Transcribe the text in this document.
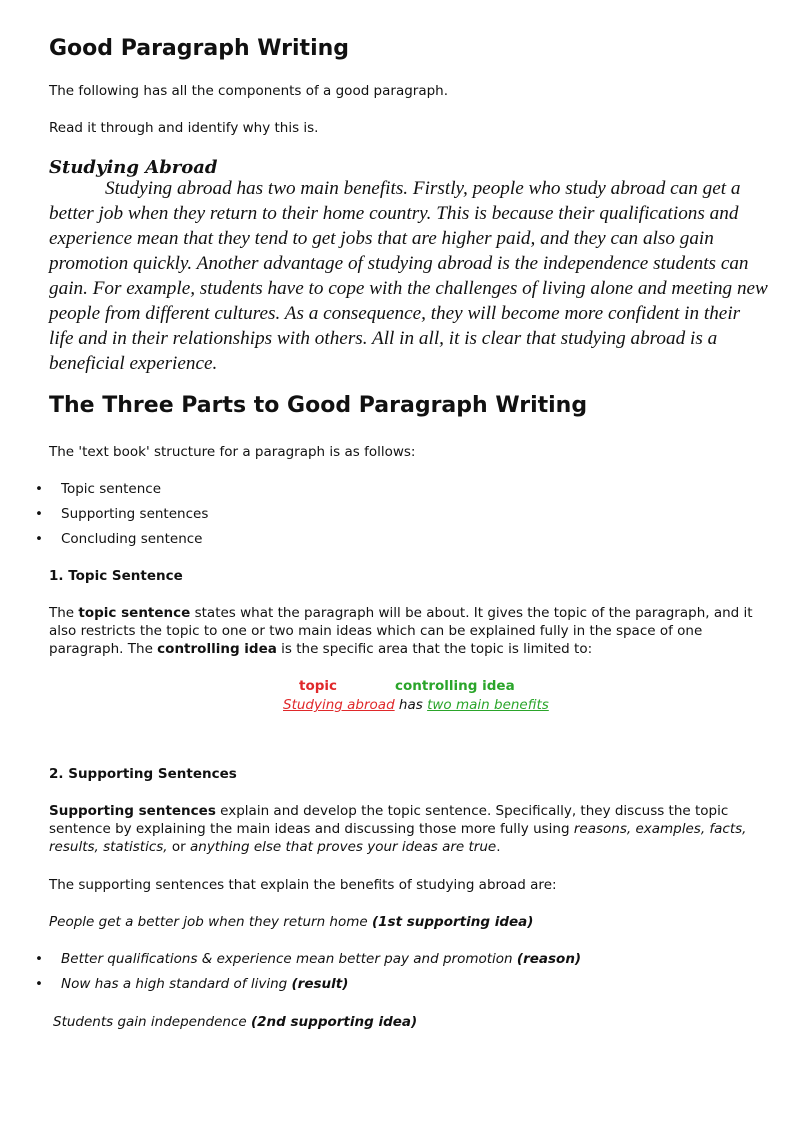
Good Paragraph Writing
The following has all the components of a good paragraph.
Read it through and identify why this is.
Studying Abroad
Studying abroad has two main benefits. Firstly, people who study abroad can get a better job when they return to their home country. This is because their qualifications and experience mean that they tend to get jobs that are higher paid, and they can also gain promotion quickly. Another advantage of studying abroad is the independence students can gain. For example, students have to cope with the challenges of living alone and meeting new people from different cultures. As a consequence, they will become more confident in their life and in their relationships with others. All in all, it is clear that studying abroad is a beneficial experience.
The Three Parts to Good Paragraph Writing
The 'text book' structure for a paragraph is as follows:
• Topic sentence
• Supporting sentences
• Concluding sentence
1. Topic Sentence
The topic sentence states what the paragraph will be about. It gives the topic of the paragraph, and it also restricts the topic to one or two main ideas which can be explained fully in the space of one paragraph. The controlling idea is the specific area that the topic is limited to:
topic	controlling idea
Studying abroad has two main benefits
2. Supporting Sentences
Supporting sentences explain and develop the topic sentence. Specifically, they discuss the topic sentence by explaining the main ideas and discussing those more fully using reasons, examples, facts, results, statistics, or anything else that proves your ideas are true.
The supporting sentences that explain the benefits of studying abroad are:
People get a better job when they return home (1st supporting idea)
• Better qualifications & experience mean better pay and promotion (reason)
• Now has a high standard of living (result)
Students gain independence (2nd supporting idea)
